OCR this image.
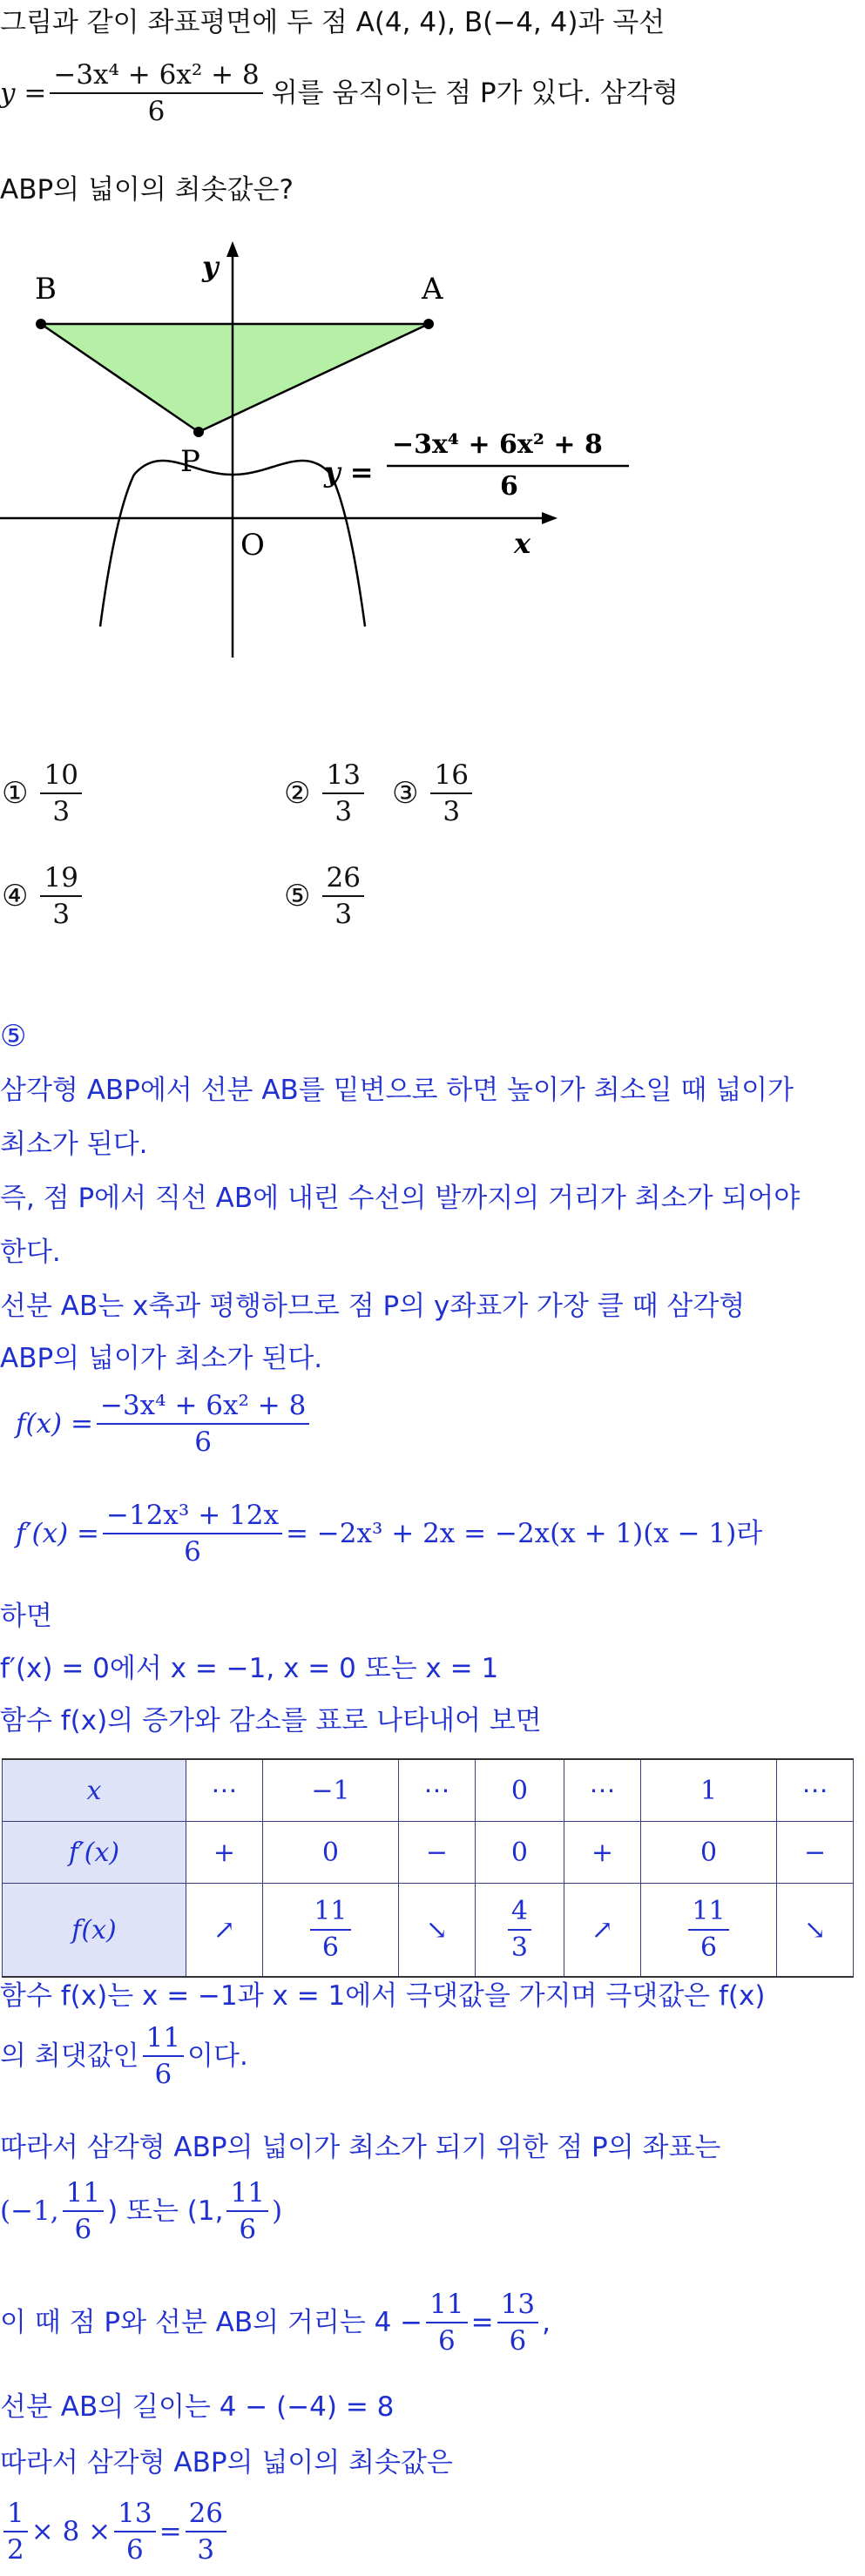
그림과 같이 좌표평면에 두 점 A(4, 4), B(−4, 4)과 곡선
$y = \frac{\text{−3x⁴ + 6x² + 8}}{6}$ 위를 움직이는 점 P가 있다. 삼각형
ABP의 넓이의 최솟값은?
B	A
P
O	x
y
y =
−3x⁴ + 6x² + 8
6
① $\frac{10}{3}$	② $\frac{13}{3}$ ③ $\frac{16}{3}$
④ $\frac{19}{3}$	⑤ $\frac{26}{3}$
⑤
삼각형 ABP에서 선분 AB를 밑변으로 하면 높이가 최소일 때 넓이가
최소가 된다.
즉, 점 P에서 직선 AB에 내린 수선의 발까지의 거리가 최소가 되어야
한다.
선분 AB는 x축과 평행하므로 점 P의 y좌표가 가장 클 때 삼각형
ABP의 넓이가 최소가 된다.
$f(x) = \frac{\text{−3x⁴ + 6x² + 8}}{6}$
$f'(x) = \frac{\text{−12x³ + 12x}}{6} = -2x^3 + 2x = -2x(x + 1)(x - 1)$라
하면
f′(x) = 0에서 x = −1, x = 0 또는 x = 1
함수 f(x)의 증가와 감소를 표로 나타내어 보면
x	⋯	−1	⋯	0	⋯	1	⋯
f′(x)	+	0	−	0	+	0	−
f(x)	↗	$\frac{11}{6}$	↘	$\frac{4}{3}$	↗	$\frac{11}{6}$	↘
함수 f(x)는 x = −1과 x = 1에서 극댓값을 가지며 극댓값은 f(x)
의 최댓값인 $\frac{11}{6}$ 이다.
따라서 삼각형 ABP의 넓이가 최소가 되기 위한 점 P의 좌표는
(−1, $\frac{11}{6}$ ) 또는 (1, $\frac{11}{6}$ )
이 때 점 P와 선분 AB의 거리는 $4 - \frac{11}{6} = \frac{13}{6}$ ,
선분 AB의 길이는 4 − (−4) = 8
따라서 삼각형 ABP의 넓이의 최솟값은
$\frac{1}{2} \times 8 \times \frac{13}{6} = \frac{26}{3}$
